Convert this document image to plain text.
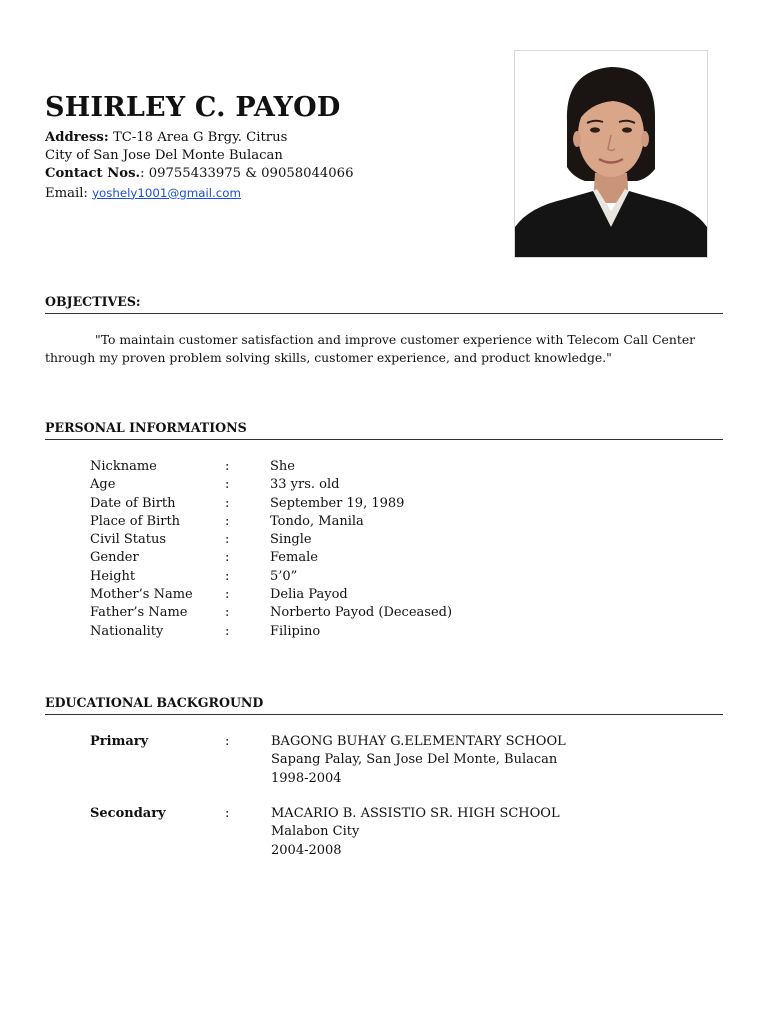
SHIRLEY C. PAYOD
Address: TC-18 Area G Brgy. Citrus
City of San Jose Del Monte Bulacan
Contact Nos.: 09755433975 & 09058044066
Email: yoshely1001@gmail.com
OBJECTIVES:
"To maintain customer satisfaction and improve customer experience with Telecom Call Center through my proven problem solving skills, customer experience, and product knowledge."
PERSONAL INFORMATIONS
Nickname	:	She
Age	:	33 yrs. old
Date of Birth	:	September 19, 1989
Place of Birth	:	Tondo, Manila
Civil Status	:	Single
Gender	:	Female
Height	:	5’0”
Mother’s Name :	Delia Payod
Father’s Name	:	Norberto Payod (Deceased)
Nationality	:	Filipino
EDUCATIONAL BACKGROUND
Primary	:	BAGONG BUHAY G.ELEMENTARY SCHOOL
Sapang Palay, San Jose Del Monte, Bulacan
1998-2004
Secondary	:	MACARIO B. ASSISTIO SR. HIGH SCHOOL
Malabon City
2004-2008
